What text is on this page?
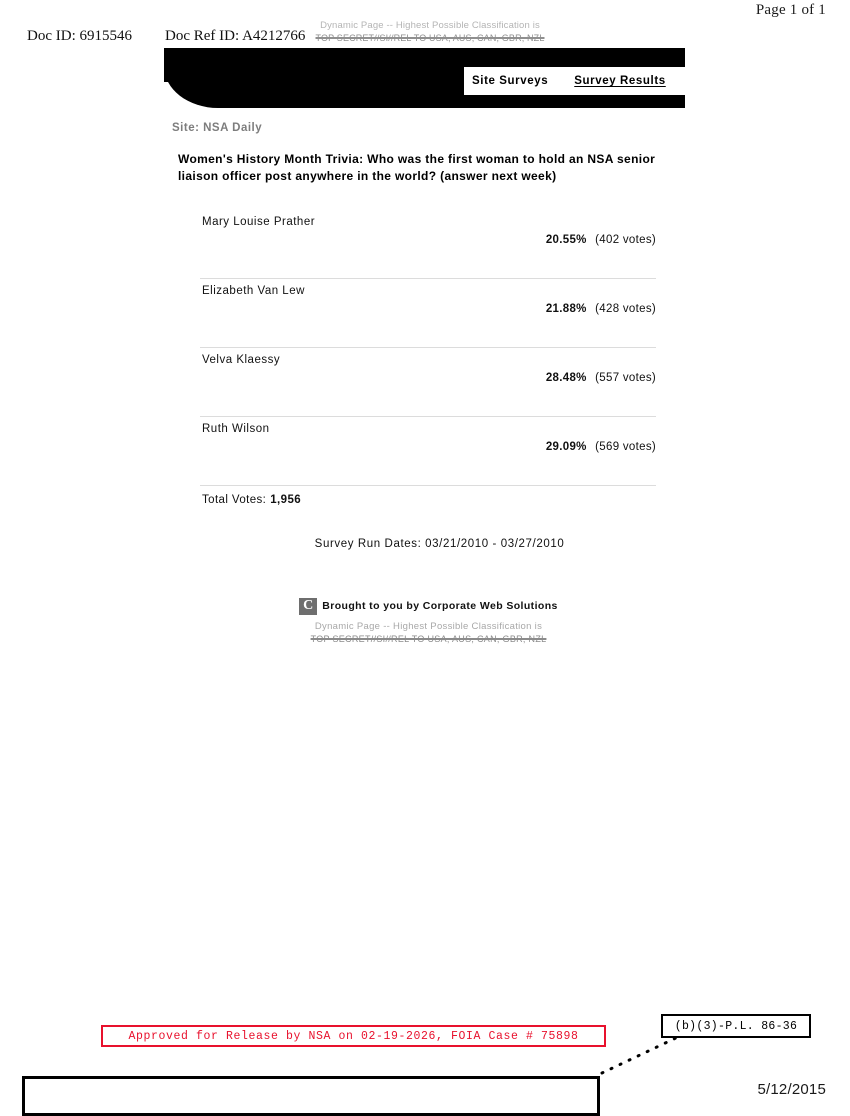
Page 1 of 1
Doc ID: 6915546 Doc Ref ID: A4212766
Dynamic Page -- Highest Possible Classification is
TOP SECRET//SI//REL TO USA, AUS, CAN, GBR, NZL
Site Surveys Survey Results
Site: NSA Daily
Women's History Month Trivia: Who was the first woman to hold an NSA senior liaison officer post anywhere in the world? (answer next week)
Mary Louise Prather
20.55% (402 votes)
Elizabeth Van Lew
21.88% (428 votes)
Velva Klaessy
28.48% (557 votes)
Ruth Wilson
29.09% (569 votes)
Total Votes: 1,956
Survey Run Dates: 03/21/2010 - 03/27/2010
C Brought to you by Corporate Web Solutions
Dynamic Page -- Highest Possible Classification is
TOP SECRET//SI//REL TO USA, AUS, CAN, GBR, NZL
Approved for Release by NSA on 02-19-2026, FOIA Case # 75898
(b)(3)-P.L. 86-36
5/12/2015
